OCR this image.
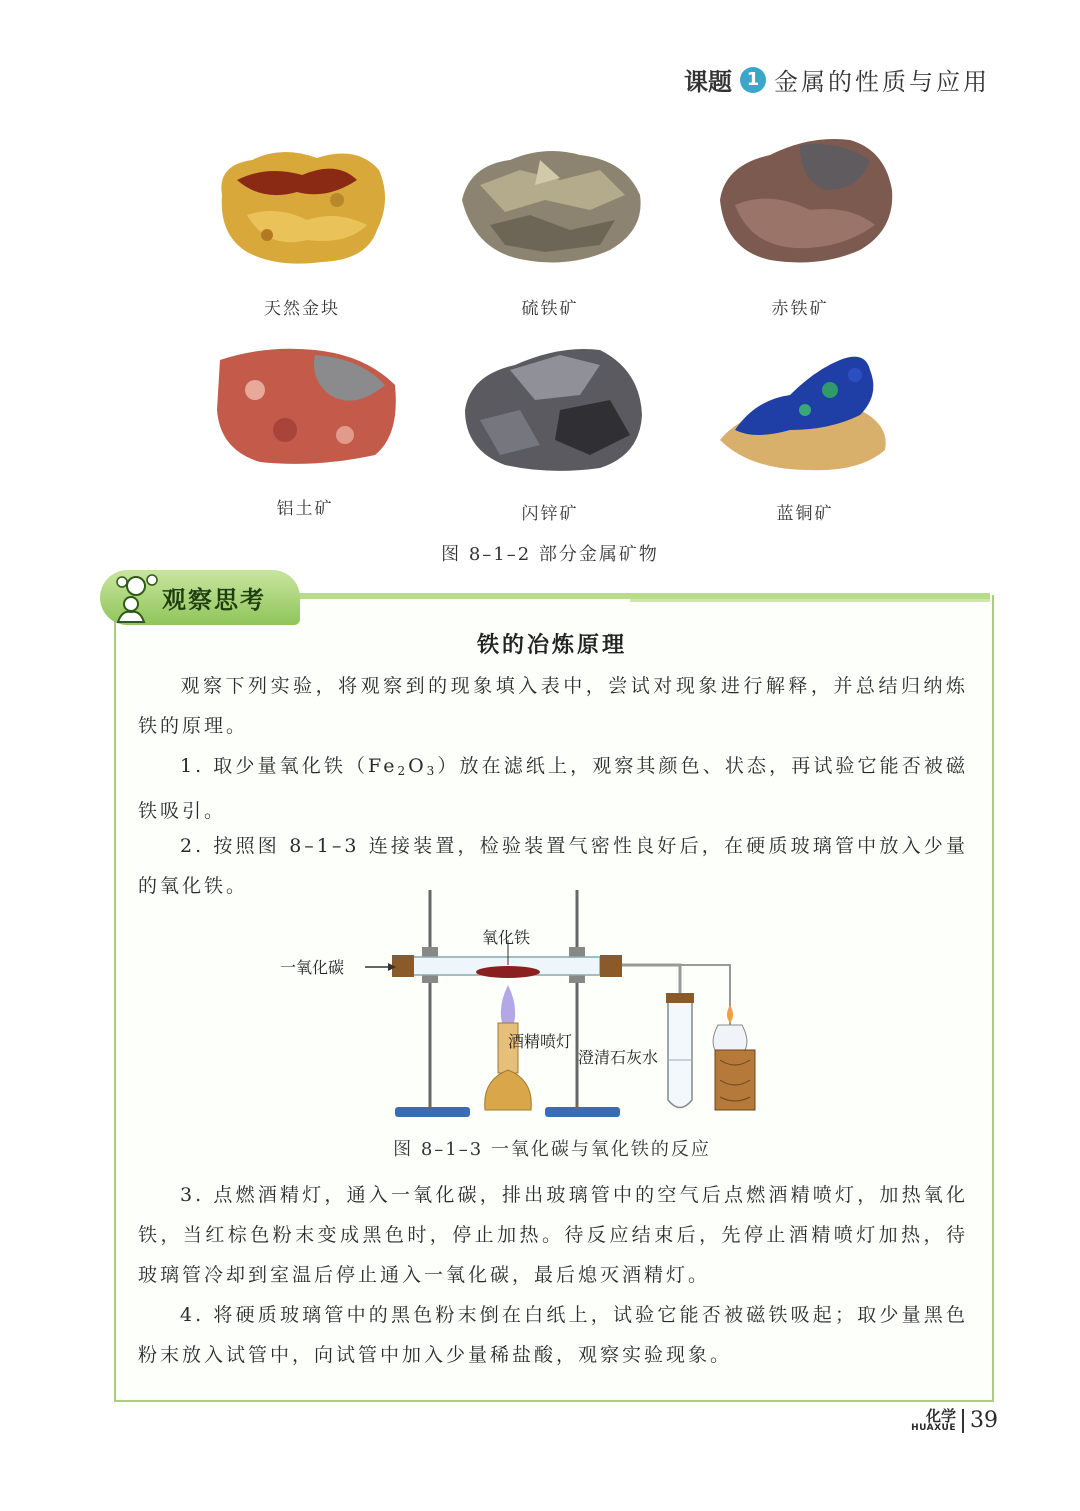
课题 1 金属的性质与应用
天然金块	硫铁矿	赤铁矿
铝土矿	闪锌矿	蓝铜矿
图 8–1–2 部分金属矿物
观察思考
铁的冶炼原理
观察下列实验，将观察到的现象填入表中，尝试对现象进行解释，并总结归纳炼铁的原理。
1. 取少量氧化铁$(Fe_2O_3)$放在滤纸上，观察其颜色、状态，再试验它能否被磁铁吸引。
2. 按照图 8–1–3 连接装置，检验装置气密性良好后，在硬质玻璃管中放入少量的氧化铁。
一氧化碳
氧化铁
酒精喷灯
澄清石灰水
图 8–1–3 一氧化碳与氧化铁的反应
3. 点燃酒精灯，通入一氧化碳，排出玻璃管中的空气后点燃酒精喷灯，加热氧化铁，当红棕色粉末变成黑色时，停止加热。待反应结束后，先停止酒精喷灯加热，待玻璃管冷却到室温后停止通入一氧化碳，最后熄灭酒精灯。
4. 将硬质玻璃管中的黑色粉末倒在白纸上，试验它能否被磁铁吸起；取少量黑色粉末放入试管中，向试管中加入少量稀盐酸，观察实验现象。
化学
HUAXUE 39
